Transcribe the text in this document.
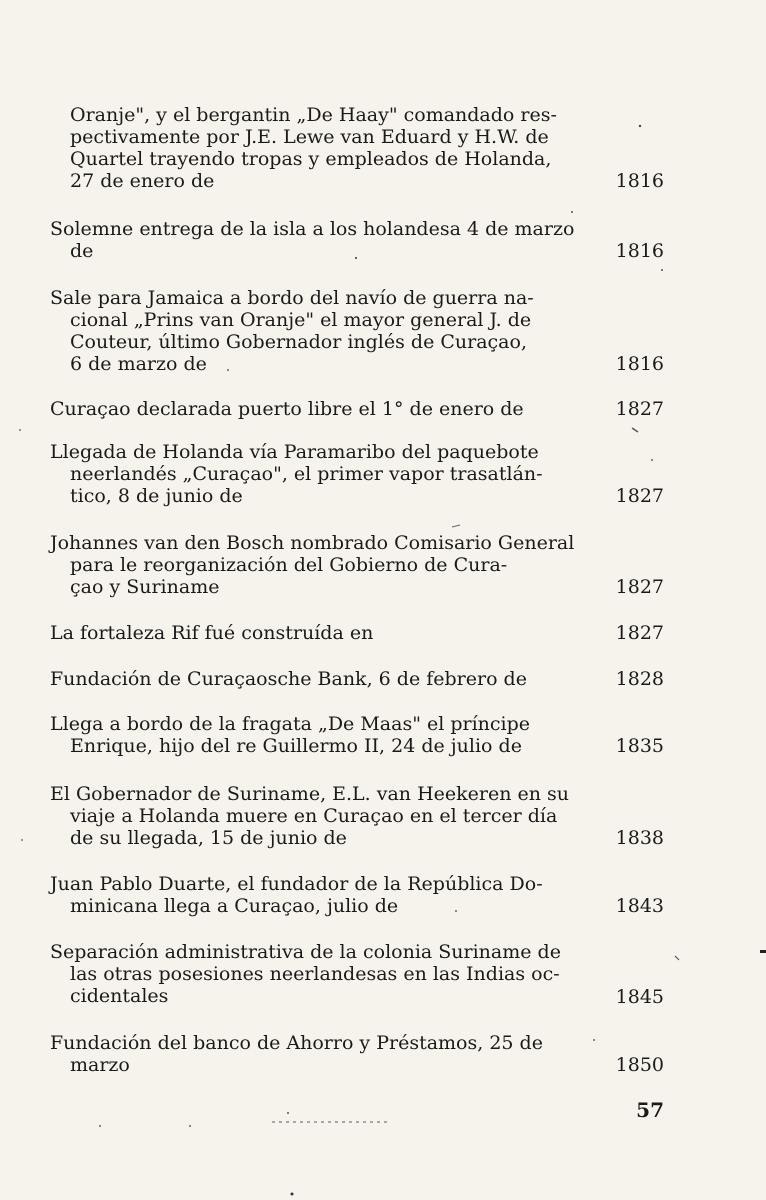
Oranje", y el bergantin „De Haay" comandado res-
pectivamente por J.E. Lewe van Eduard y H.W. de
Quartel trayendo tropas y empleados de Holanda,
27 de enero de	1816
Solemne entrega de la isla a los holandesa 4 de marzo
de	1816
Sale para Jamaica a bordo del navío de guerra na-
cional „Prins van Oranje" el mayor general J. de
Couteur, último Gobernador inglés de Curaçao,
6 de marzo de	1816
Curaçao declarada puerto libre el 1° de enero de	1827
Llegada de Holanda vía Paramaribo del paquebote
neerlandés „Curaçao", el primer vapor trasatlán-
tico, 8 de junio de	1827
Johannes van den Bosch nombrado Comisario General
para le reorganización del Gobierno de Cura-
çao y Suriname	1827
La fortaleza Rif fué construída en	1827
Fundación de Curaçaosche Bank, 6 de febrero de	1828
Llega a bordo de la fragata „De Maas" el príncipe
Enrique, hijo del re Guillermo II, 24 de julio de	1835
El Gobernador de Suriname, E.L. van Heekeren en su
viaje a Holanda muere en Curaçao en el tercer día
de su llegada, 15 de junio de	1838
Juan Pablo Duarte, el fundador de la República Do-
minicana llega a Curaçao, julio de	1843
Separación administrativa de la colonia Suriname de
las otras posesiones neerlandesas en las Indias oc-
cidentales	1845
Fundación del banco de Ahorro y Préstamos, 25 de
marzo	1850
57
